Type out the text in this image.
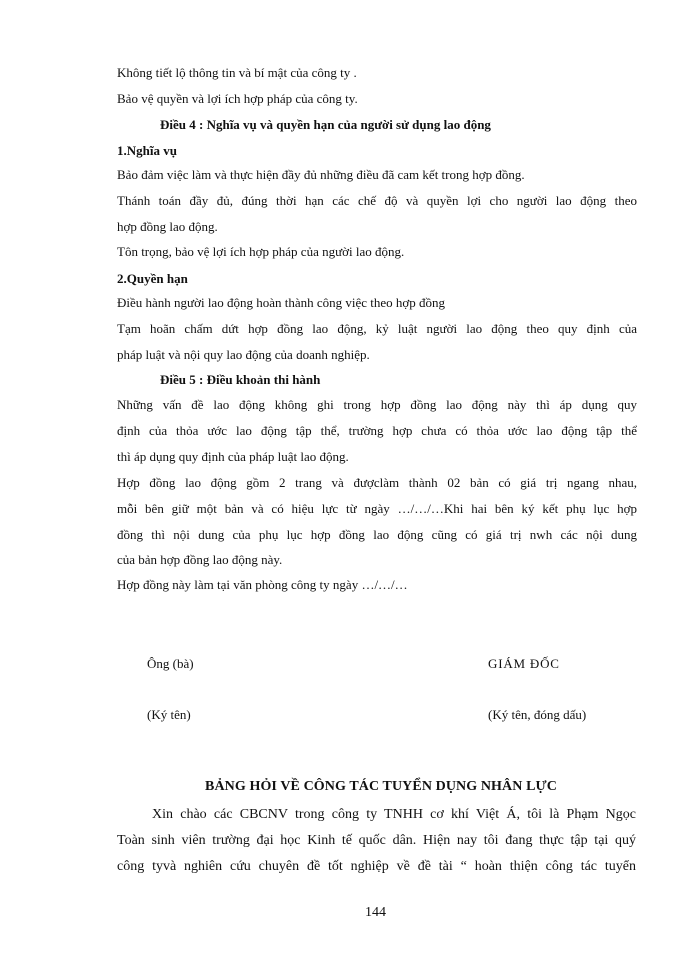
Không tiết lộ thông tin và bí mật của công ty .
Bảo vệ quyền và lợi ích hợp pháp của công ty.
Điều 4 : Nghĩa vụ và quyền hạn của người sử dụng lao động
1.Nghĩa vụ
Bảo đảm việc làm và thực hiện đầy đủ những điều đã cam kết trong hợp đồng.
Thánh toán đầy đủ, đúng thời hạn các chế độ và quyền lợi cho người lao động theo
hợp đồng lao động.
Tôn trọng, bảo vệ lợi ích hợp pháp của người lao động.
2.Quyền hạn
Điều hành người lao động hoàn thành công việc theo hợp đồng
Tạm hoãn chấm dứt hợp đồng lao động, kỷ luật người lao động theo quy định của
pháp luật và nội quy lao động của doanh nghiệp.
Điều 5 : Điều khoản thi hành
Những vấn đề lao động không ghi trong hợp đồng lao động này thì áp dụng quy
định của thỏa ước lao động tập thể, trường hợp chưa có thỏa ước lao động tập thể
thì áp dụng quy định của pháp luật lao động.
Hợp đồng lao động gồm 2 trang và đượclàm thành 02 bản có giá trị ngang nhau,
mỗi bên giữ một bản và có hiệu lực từ ngày …/…/…Khi hai bên ký kết phụ lục hợp
đồng thì nội dung của phụ lục hợp đồng lao động cũng có giá trị nwh các nội dung
của bản hợp đồng lao động này.
Hợp đồng này làm tại văn phòng công ty ngày …/…/…
Ông (bà)	GIÁM ĐỐC
(Ký tên)	(Ký tên, đóng dấu)
BẢNG HỎI VỀ CÔNG TÁC TUYỂN DỤNG NHÂN LỰC
Xin chào các CBCNV trong công ty TNHH cơ khí Việt Á, tôi là Phạm Ngọc
Toàn sinh viên trường đại học Kinh tế quốc dân. Hiện nay tôi đang thực tập tại quý
công tyvà nghiên cứu chuyên đề tốt nghiệp về đề tài “ hoàn thiện công tác tuyển
144
